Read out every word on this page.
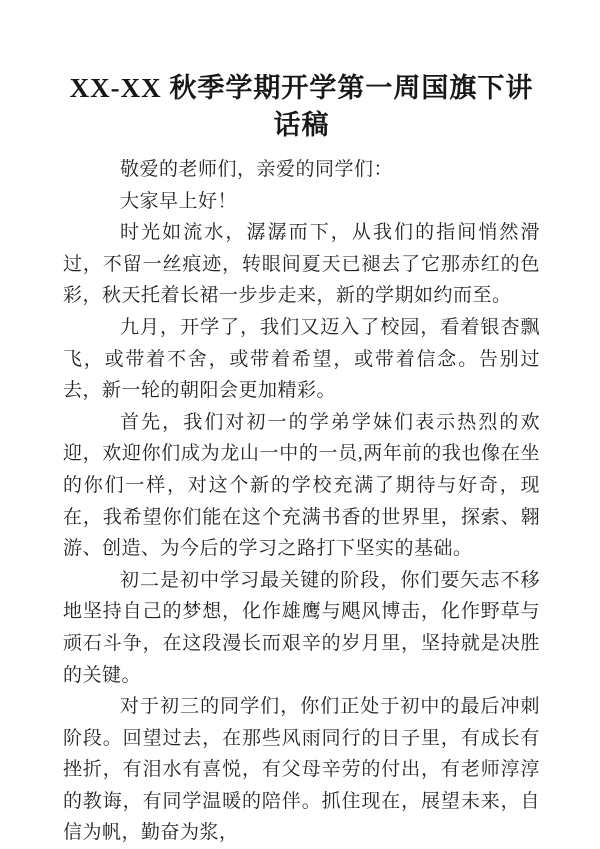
XX-XX 秋季学期开学第一周国旗下讲话稿

敬爱的老师们，亲爱的同学们：

大家早上好！

时光如流水，潺潺而下，从我们的指间悄然滑过，不留一丝痕迹，转眼间夏天已褪去了它那赤红的色彩，秋天托着长裙一步步走来，新的学期如约而至。

九月，开学了，我们又迈入了校园，看着银杏飘飞，或带着不舍，或带着希望，或带着信念。告别过去，新一轮的朝阳会更加精彩。

首先，我们对初一的学弟学妹们表示热烈的欢迎，欢迎你们成为龙山一中的一员,两年前的我也像在坐的你们一样，对这个新的学校充满了期待与好奇，现在，我希望你们能在这个充满书香的世界里，探索、翱游、创造、为今后的学习之路打下坚实的基础。

初二是初中学习最关键的阶段，你们要矢志不移地坚持自己的梦想，化作雄鹰与飓风博击，化作野草与顽石斗争，在这段漫长而艰辛的岁月里，坚持就是决胜的关键。

对于初三的同学们，你们正处于初中的最后冲刺阶段。回望过去，在那些风雨同行的日子里，有成长有挫折，有泪水有喜悦，有父母辛劳的付出，有老师淳淳的教诲，有同学温暖的陪伴。抓住现在，展望未来，自信为帆，勤奋为浆，
